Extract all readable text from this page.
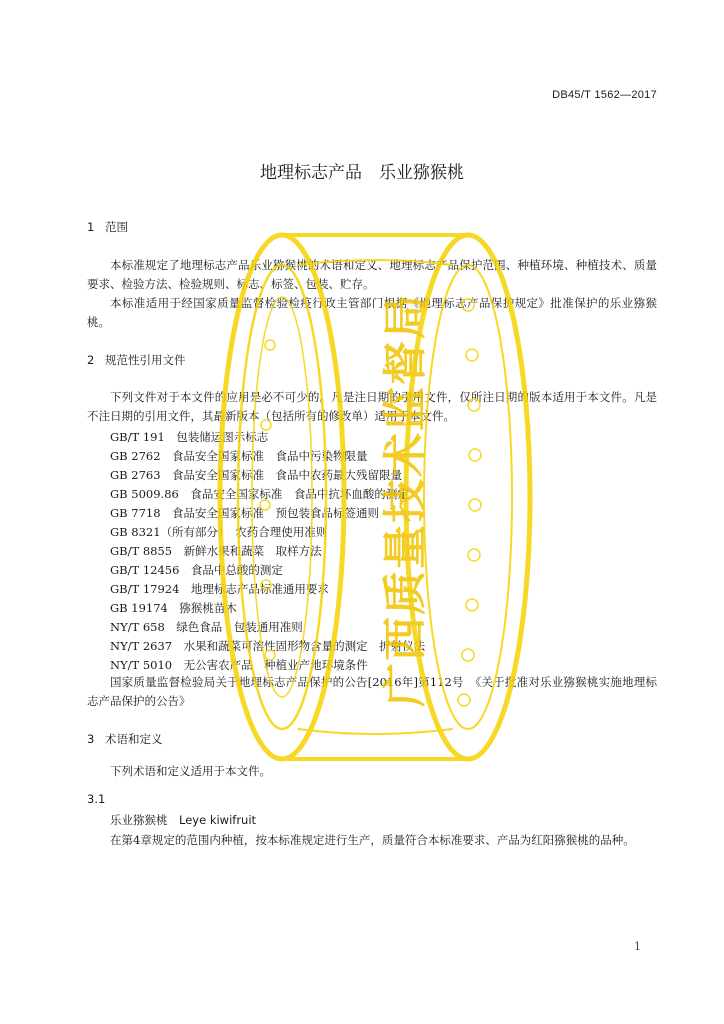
DB45/T 1562—2017
地理标志产品　乐业猕猴桃
1 范围
本标准规定了地理标志产品乐业猕猴桃的术语和定义、地理标志产品保护范围、种植环境、种植技术、质量要求、检验方法、检验规则、标志、标签、包装、贮存。
本标准适用于经国家质量监督检验检疫行政主管部门根据《地理标志产品保护规定》批准保护的乐业猕猴桃。
2 规范性引用文件
下列文件对于本文件的应用是必不可少的。凡是注日期的引用文件，仅所注日期的版本适用于本文件。凡是不注日期的引用文件，其最新版本（包括所有的修改单）适用于本文件。
GB/T 191　包装储运图示标志
GB 2762　食品安全国家标准　食品中污染物限量
GB 2763　食品安全国家标准　食品中农药最大残留限量
GB 5009.86　食品安全国家标准　食品中抗坏血酸的测定
GB 7718　食品安全国家标准　预包装食品标签通则
GB 8321（所有部分）　农药合理使用准则
GB/T 8855　新鲜水果和蔬菜　取样方法
GB/T 12456　食品中总酸的测定
GB/T 17924　地理标志产品标准通用要求
GB 19174　猕猴桃苗木
NY/T 658　绿色食品　包装通用准则
NY/T 2637　水果和蔬菜可溶性固形物含量的测定　折射仪法
NY/T 5010　无公害农产品　种植业产地环境条件
国家质量监督检验局关于地理标志产品保护的公告[2016年]第112号　《关于批准对乐业猕猴桃实施地理标志产品保护的公告》
3 术语和定义
下列术语和定义适用于本文件。
3.1
乐业猕猴桃　Leye kiwifruit
在第4章规定的范围内种植，按本标准规定进行生产，质量符合本标准要求、产品为红阳猕猴桃的品种。
1
广西质量技术监督局
